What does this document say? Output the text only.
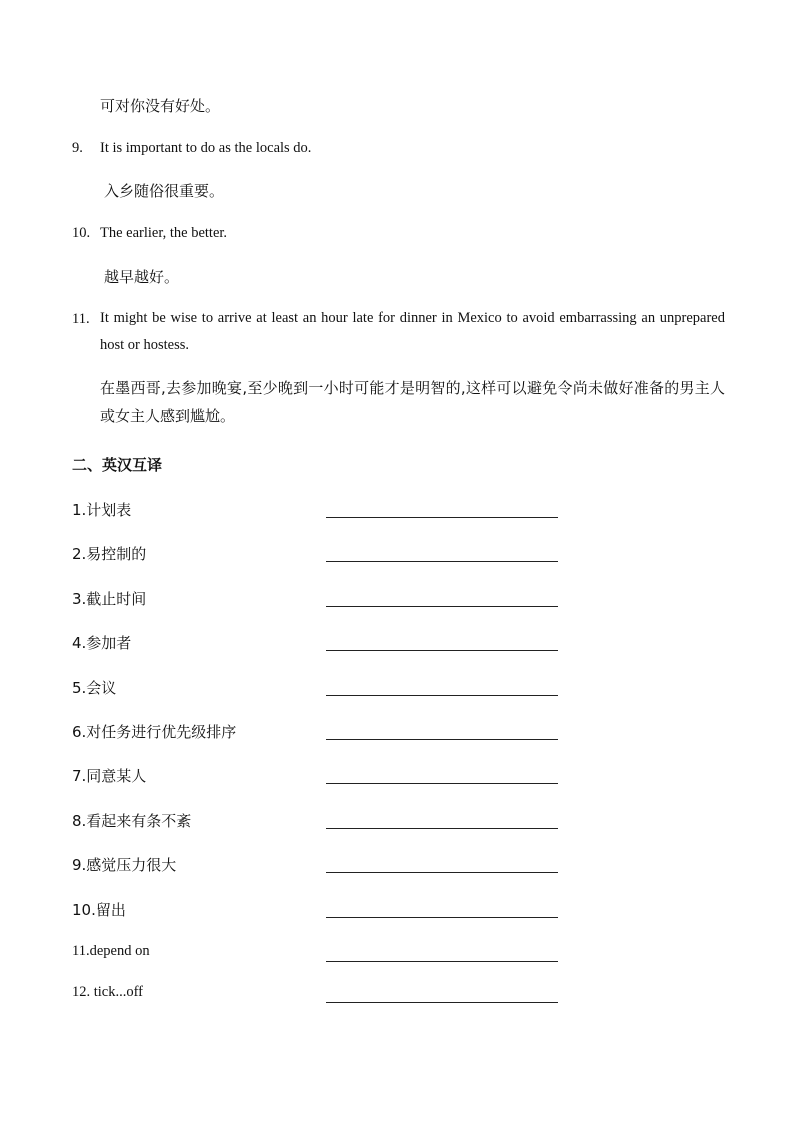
可对你没有好处。
9. It is important to do as the locals do.
入乡随俗很重要。
10. The earlier, the better.
越早越好。
11. It might be wise to arrive at least an hour late for dinner in Mexico to avoid embarrassing an unprepared host or hostess.
在墨西哥,去参加晚宴,至少晚到一小时可能才是明智的,这样可以避免令尚未做好准备的男主人或女主人感到尴尬。
二、英汉互译
1.计划表
2.易控制的
3.截止时间
4.参加者
5.会议
6.对任务进行优先级排序
7.同意某人
8.看起来有条不紊
9.感觉压力很大
10.留出
11.depend on
12. tick...off
